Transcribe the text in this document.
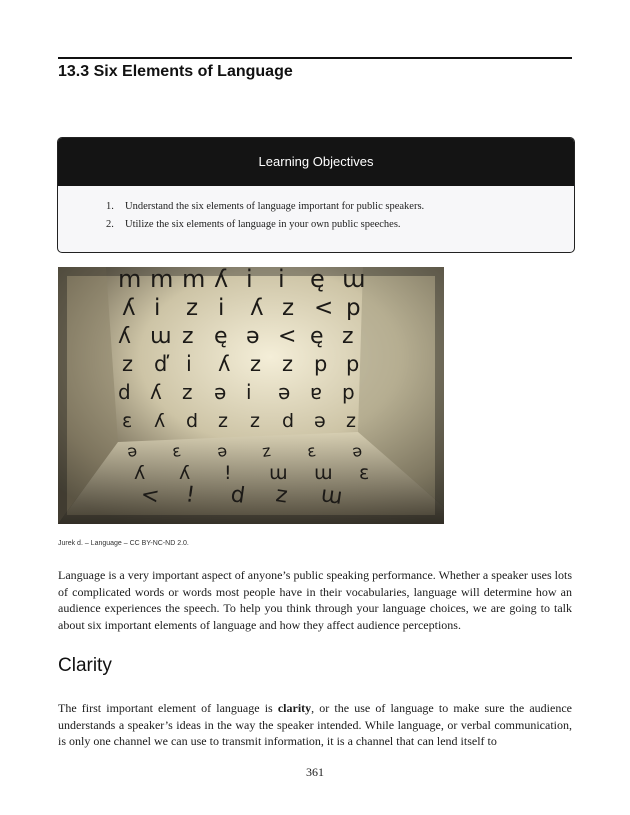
13.3 Six Elements of Language
Learning Objectives
1. Understand the six elements of language important for public speakers.
2. Utilize the six elements of language in your own public speeches.
m m m ʎ i i ę ɯ
ʎ i z i ʎ z < p
ʎ ɯ z ę ə < ę z
z ď i ʎ z z p p
d ʎ z ə i ə ɐ p
ɛ ʎ d z z d ə z
ə ɛ ə z ɛ ə
ʎ ʎ ! ɯ ɯ ɛ
< ! d z ɯ
Jurek d. – Language – CC BY-NC-ND 2.0.

Language is a very important aspect of anyone’s public speaking performance. Whether a speaker uses lots of complicated words or words most people have in their vocabularies, language will determine how an audience experiences the speech. To help you think through your language choices, we are going to talk about six important elements of language and how they affect audience perceptions.

Clarity

The first important element of language is clarity, or the use of language to make sure the audience understands a speaker’s ideas in the way the speaker intended. While language, or verbal communication, is only one channel we can use to transmit information, it is a channel that can lend itself to

361
